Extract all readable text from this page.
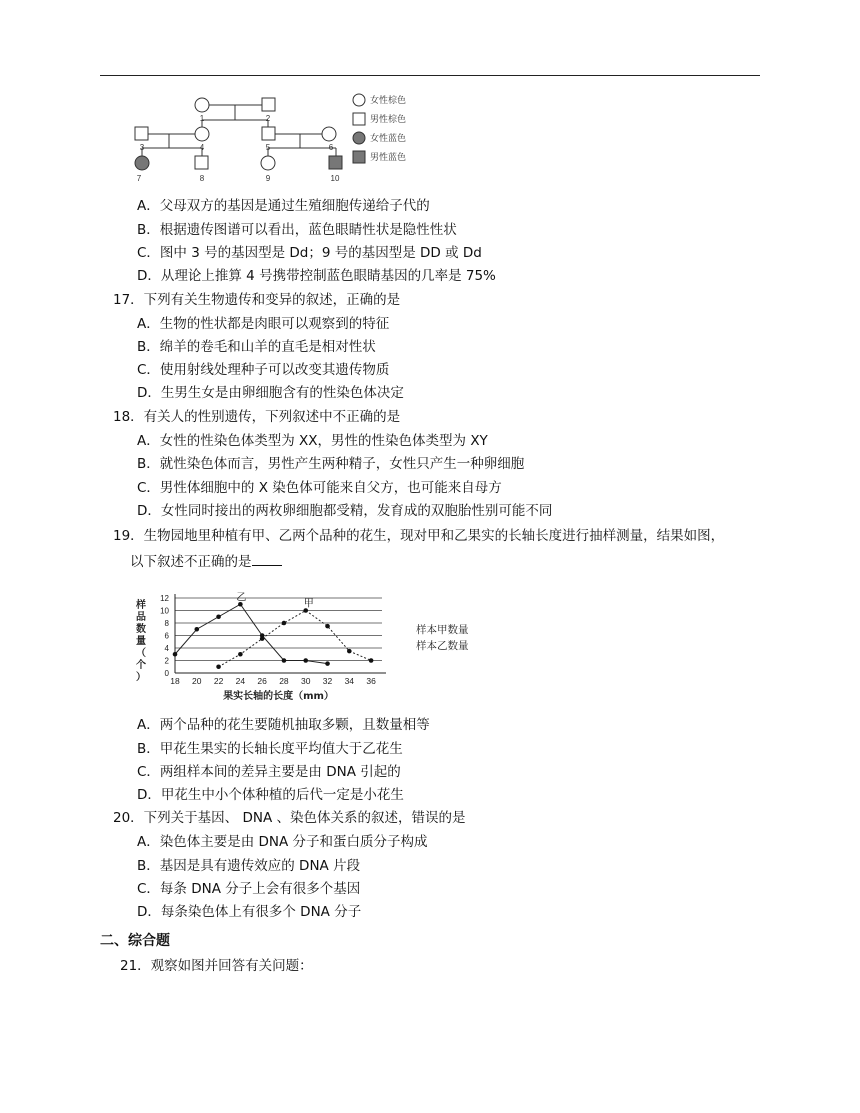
1	2
3	4	5	6
7	8	9	10
女性棕色
男性棕色
女性蓝色
男性蓝色
A．父母双方的基因是通过生殖细胞传递给子代的
B．根据遗传图谱可以看出，蓝色眼睛性状是隐性性状
C．图中 3 号的基因型是 Dd；9 号的基因型是 DD 或 Dd
D．从理论上推算 4 号携带控制蓝色眼睛基因的几率是 75%
17．下列有关生物遗传和变异的叙述，正确的是
A．生物的性状都是肉眼可以观察到的特征
B．绵羊的卷毛和山羊的直毛是相对性状
C．使用射线处理种子可以改变其遗传物质
D．生男生女是由卵细胞含有的性染色体决定
18．有关人的性别遗传，下列叙述中不正确的是
A．女性的性染色体类型为 XX，男性的性染色体类型为 XY
B．就性染色体而言，男性产生两种精子，女性只产生一种卵细胞
C．男性体细胞中的 X 染色体可能来自父方，也可能来自母方
D．女性同时接出的两枚卵细胞都受精，发育成的双胞胎性别可能不同
19．生物园地里种植有甲、乙两个品种的花生，现对甲和乙果实的长轴长度进行抽样测量，结果如图，
以下叙述不正确的是
0
2
4
6
8
10
12
18 20 22 24 26 28 30 32 34 36
果实长轴的长度（mm）
样
品
数
量
（
个
）
甲
乙
样本甲数量
样本乙数量
A．两个品种的花生要随机抽取多颗，且数量相等
B．甲花生果实的长轴长度平均值大于乙花生
C．两组样本间的差异主要是由 DNA 引起的
D．甲花生中小个体种植的后代一定是小花生
20．下列关于基因、 DNA 、染色体关系的叙述，错误的是
A．染色体主要是由 DNA 分子和蛋白质分子构成
B．基因是具有遗传效应的 DNA 片段
C．每条 DNA 分子上会有很多个基因
D．每条染色体上有很多个 DNA 分子
二、综合题
21．观察如图并回答有关问题：
